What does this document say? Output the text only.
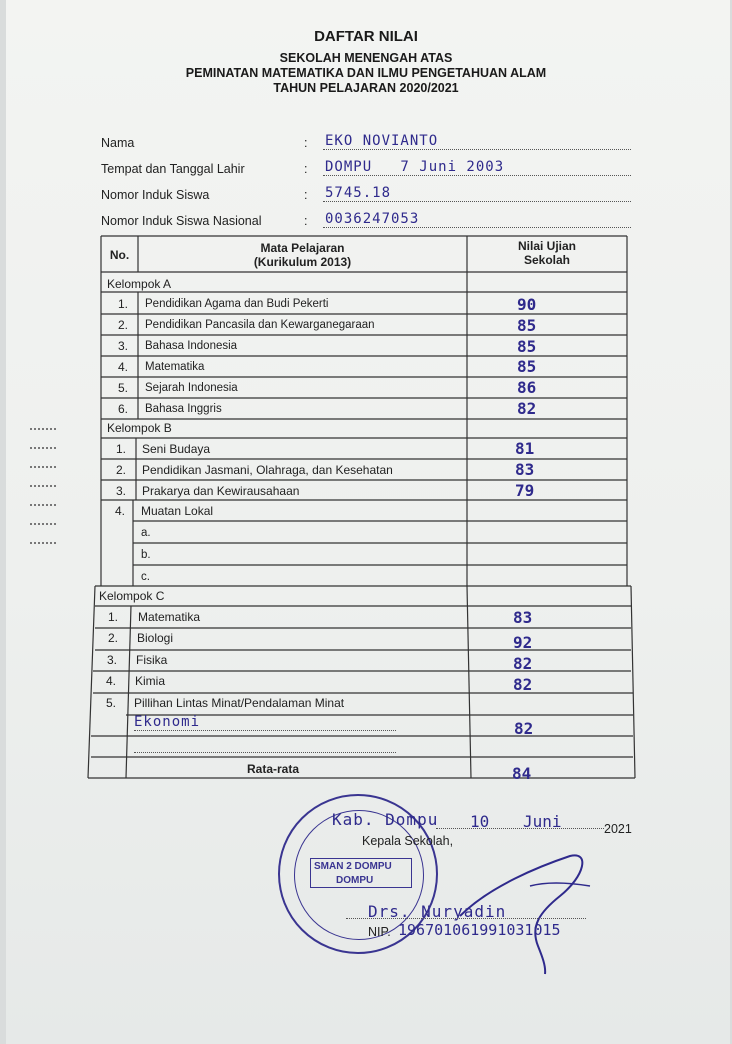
DAFTAR NILAI
SEKOLAH MENENGAH ATAS
PEMINATAN MATEMATIKA DAN ILMU PENGETAHUAN ALAM
TAHUN PELAJARAN 2020/2021
Nama	: EKO NOVIANTO
Tempat dan Tanggal Lahir	: DOMPU   7 Juni 2003
Nomor Induk Siswa	: 5745.18
Nomor Induk Siswa Nasional	: 0036247053
No.	Mata Pelajaran
(Kurikulum 2013)
Nilai Ujian
Sekolah
Kelompok A
1. Pendidikan Agama dan Budi Pekerti	90
2. Pendidikan Pancasila dan Kewarganegaraan	85
3. Bahasa Indonesia	85
4. Matematika	85
5. Sejarah Indonesia	86
6. Bahasa Inggris	82
Kelompok B
1. Seni Budaya	81
2. Pendidikan Jasmani, Olahraga, dan Kesehatan	83
3. Prakarya dan Kewirausahaan	79
4. Muatan Lokal
a.
b.
c.
Kelompok C
1. Matematika	83
2. Biologi	92
3. Fisika	82
4. Kimia	82
5. Pillihan Lintas Minat/Pendalaman Minat
Ekonomi	82
Rata-rata	84
SMAN 2 DOMPU
DOMPU
Kab. Dompu 10 Juni	2021
Kepala Sekolah,
Drs. Nuryadin
NIP. 196701061991031015
